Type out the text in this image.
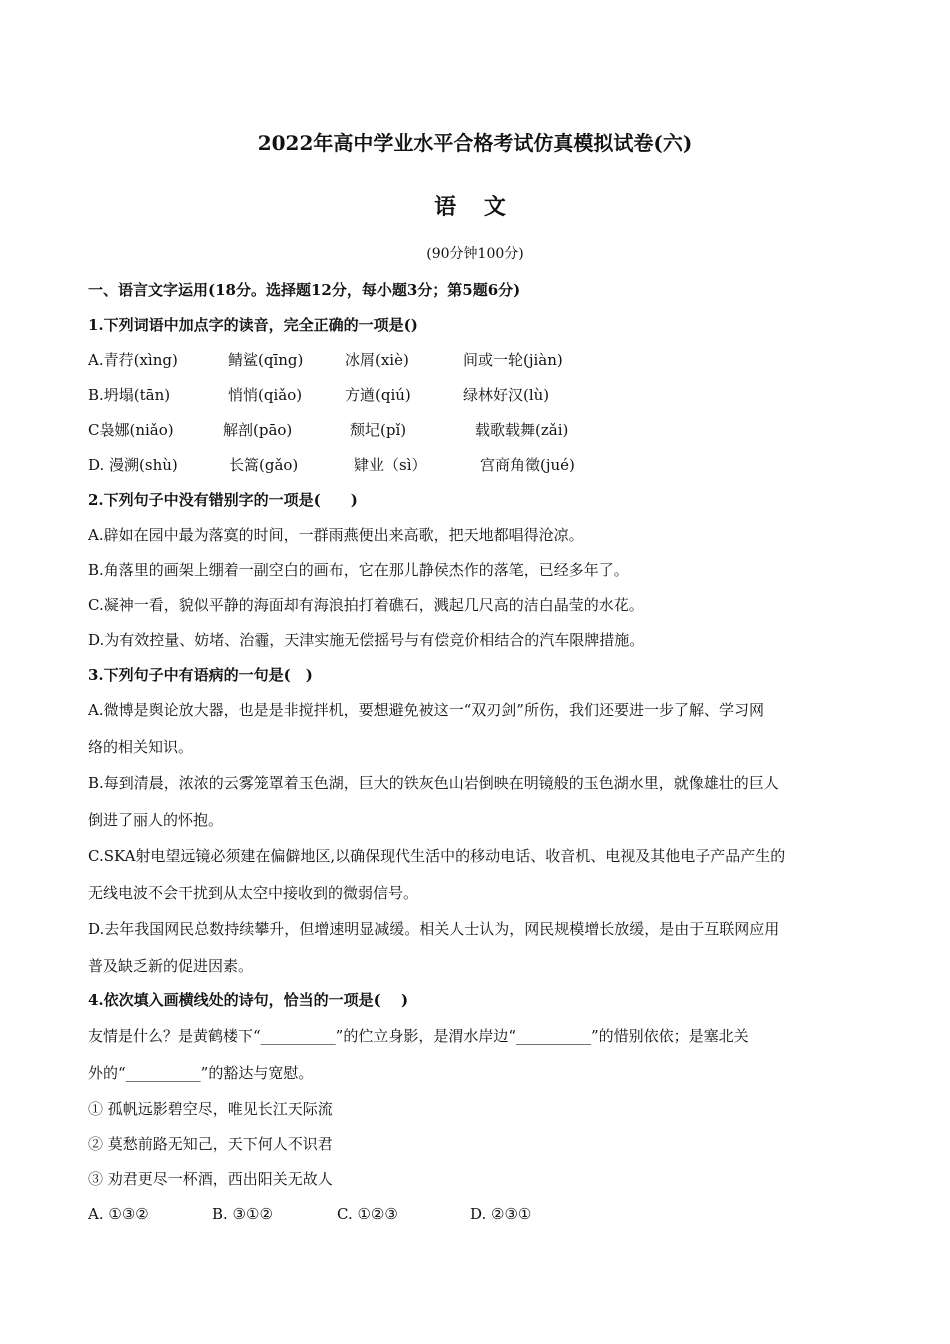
2022年高中学业水平合格考试仿真模拟试卷(六)
语 文
(90分钟100分)
一、语言文字运用(18分。选择题12分，每小题3分；第5题6分)
1.下列词语中加点字的读音，完全正确的一项是()
A.青荇(xìng)	鲭鲨(qīng)	冰屑(xiè)	间或一轮(jiàn)
B.坍塌(tān)	悄悄(qiǎo)	方遒(qiú)	绿林好汉(lù)
C袅娜(niǎo)	解剖(pāo)	颓圮(pǐ)	载歌载舞(zǎi)
D. 漫溯(shù)	长篙(gǎo)	肄业（sì）	宫商角徵(jué)
2.下列句子中没有错别字的一项是(　　)
A.辟如在园中最为落寞的时间，一群雨燕便出来高歌，把天地都唱得沧凉。
B.角落里的画架上绷着一副空白的画布，它在那儿静侯杰作的落笔，已经多年了。
C.凝神一看，貌似平静的海面却有海浪拍打着礁石，溅起几尺高的洁白晶莹的水花。
D.为有效控量、妨堵、治霾，天津实施无偿摇号与有偿竞价相结合的汽车限牌措施。
3.下列句子中有语病的一句是(　)
A.微博是舆论放大器，也是是非搅拌机，要想避免被这一“双刃剑”所伤，我们还要进一步了解、学习网
络的相关知识。
B.每到清晨，浓浓的云雾笼罩着玉色湖，巨大的铁灰色山岩倒映在明镜般的玉色湖水里，就像雄壮的巨人
倒进了丽人的怀抱。
C.SKA射电望远镜必须建在偏僻地区,以确保现代生活中的移动电话、收音机、电视及其他电子产品产生的
无线电波不会干扰到从太空中接收到的微弱信号。
D.去年我国网民总数持续攀升，但增速明显减缓。相关人士认为，网民规模增长放缓，是由于互联网应用
普及缺乏新的促进因素。
4.依次填入画横线处的诗句，恰当的一项是(　 )
友情是什么？是黄鹤楼下“__________”的伫立身影，是渭水岸边“__________”的惜别依依；是塞北关
外的“__________”的豁达与宽慰。
① 孤帆远影碧空尽，唯见长江天际流
② 莫愁前路无知己，天下何人不识君
③ 劝君更尽一杯酒，西出阳关无故人
A. ①③②	B. ③①②	C. ①②③	D. ②③①
